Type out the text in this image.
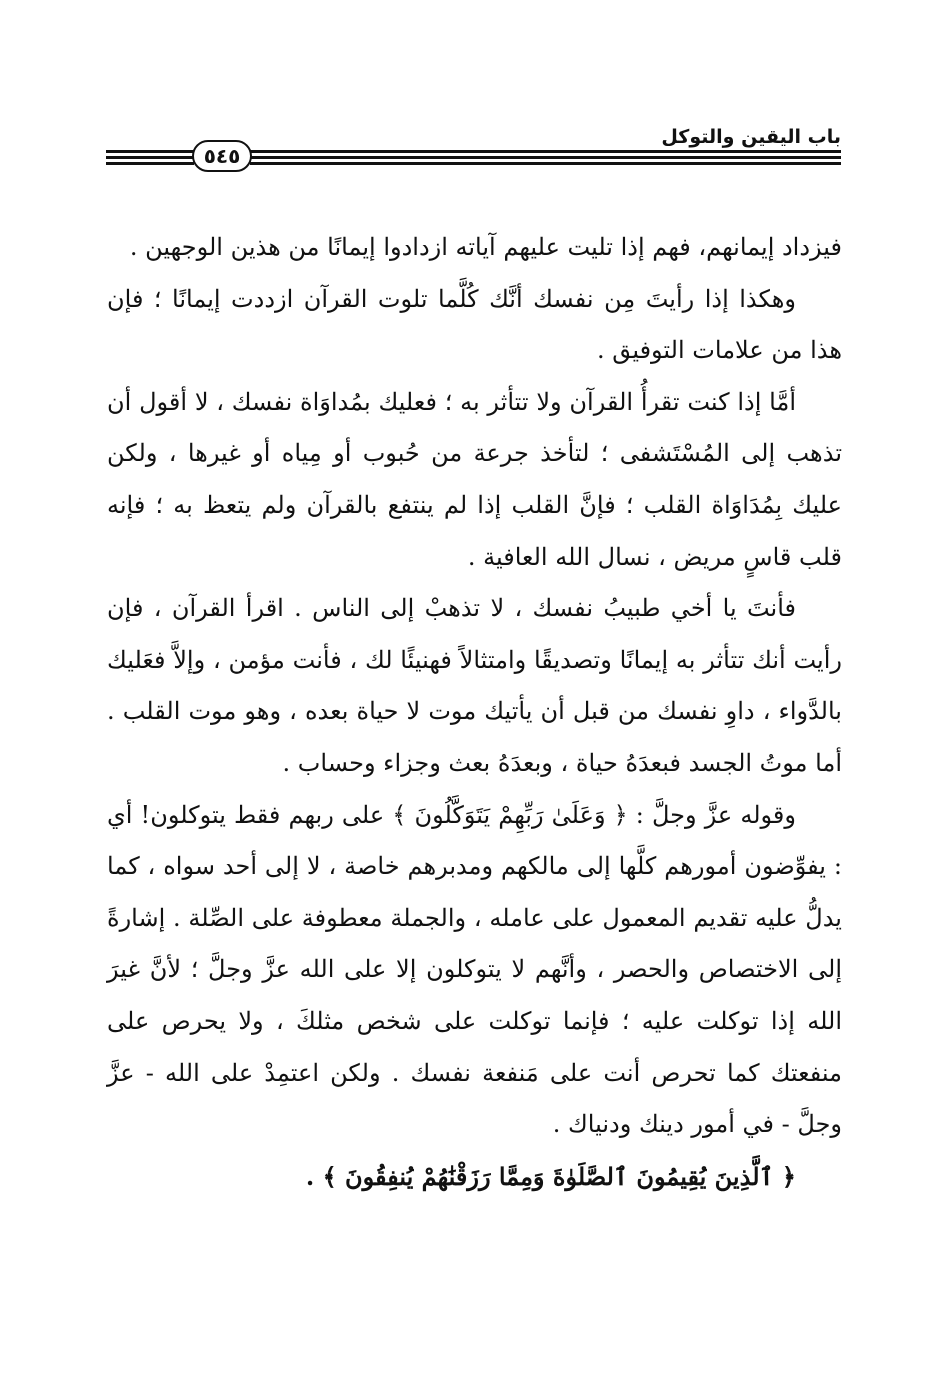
باب اليقين والتوكل
٥٤٥

فيزداد إيمانهم، فهم إذا تليت عليهم آياته ازدادوا إيمانًا من هذين الوجهين .

وهكذا إذا رأيتَ مِن نفسك أنَّك كُلَّما تلوت القرآن ازددت إيمانًا ؛ فإن هذا من علامات التوفيق .

أمَّا إذا كنت تقرأُ القرآن ولا تتأثر به ؛ فعليك بمُداوَاة نفسك ، لا أقول أن تذهب إلى المُسْتَشفى ؛ لتأخذ جرعة من حُبوب أو مِياه أو غيرها ، ولكن عليك بِمُدَاوَاة القلب ؛ فإنَّ القلب إذا لم ينتفع بالقرآن ولم يتعظ به ؛ فإنه قلب قاسٍ مريض ، نسال الله العافية .

فأنتَ يا أخي طبيبُ نفسك ، لا تذهبْ إلى الناس . اقرأ القرآن ، فإن رأيت أنك تتأثر به إيمانًا وتصديقًا وامتثالاً فهنيئًا لك ، فأنت مؤمن ، وإلاَّ فعَليك بالدَّواء ، داوِ نفسك من قبل أن يأتيك موت لا حياة بعده ، وهو موت القلب . أما موتُ الجسد فبعدَهُ حياة ، وبعدَهُ بعث وجزاء وحساب .

وقوله عزَّ وجلَّ : ﴿ وَعَلَىٰ رَبِّهِمْ يَتَوَكَّلُونَ ﴾ على ربهم فقط يتوكلون! أي : يفوِّضون أمورهم كلَّها إلى مالكهم ومدبرهم خاصة ، لا إلى أحد سواه ، كما يدلُّ عليه تقديم المعمول على عامله ، والجملة معطوفة على الصِّلة . إشارةً إلى الاختصاص والحصر ، وأنَّهم لا يتوكلون إلا على الله عزَّ وجلَّ ؛ لأنَّ غيرَ الله إذا توكلت عليه ؛ فإنما توكلت على شخص مثلكَ ، ولا يحرص على منفعتك كما تحرص أنت على مَنفعة نفسك . ولكن اعتمِدْ على الله - عزَّ وجلَّ - في أمور دينك ودنياك .

﴿ ٱلَّذِينَ يُقِيمُونَ ٱلصَّلَوٰةَ وَمِمَّا رَزَقْنَٰهُمْ يُنفِقُونَ ﴾ .
